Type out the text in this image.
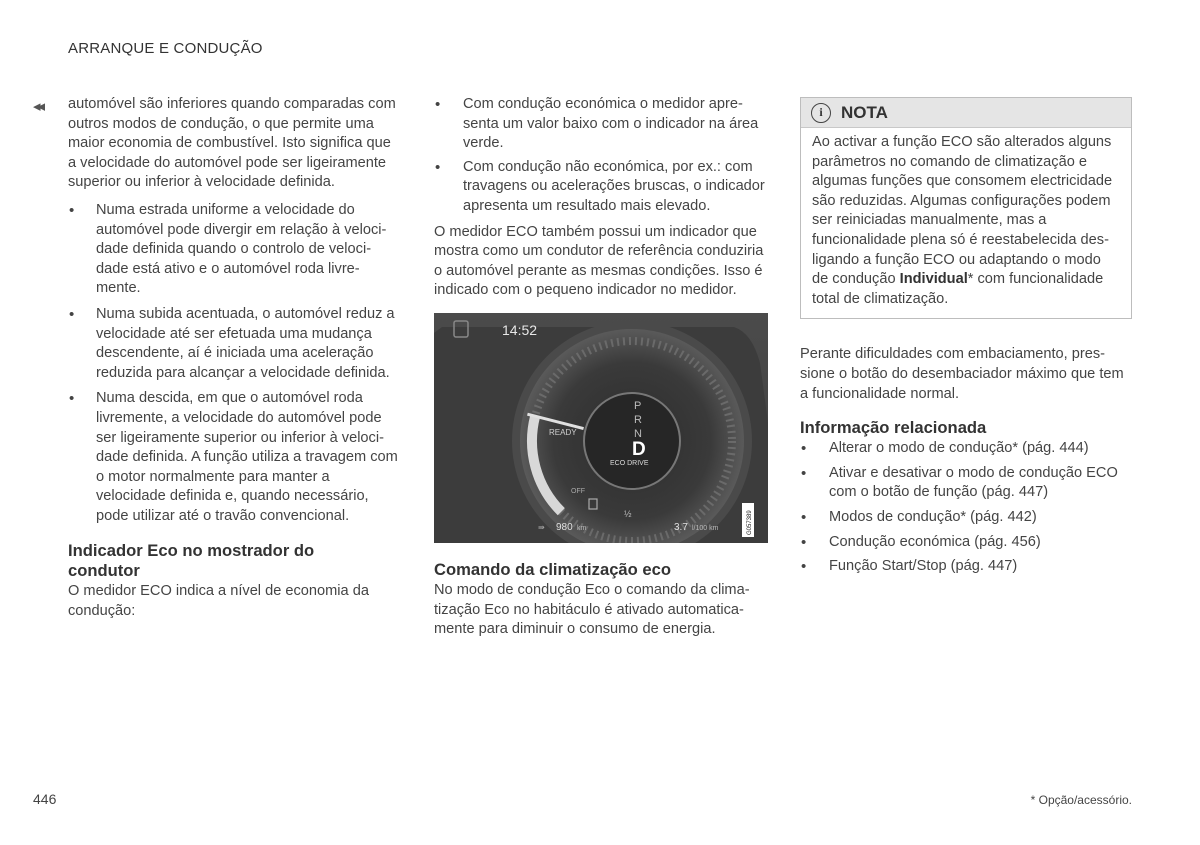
ARRANQUE E CONDUÇÃO
◂◂ automóvel são inferiores quando comparadas com outros modos de condução, o que permite uma maior economia de combustível. Isto significa que a velocidade do automóvel pode ser ligeiramente superior ou inferior à velocidade definida.

• Numa estrada uniforme a velocidade do automóvel pode divergir em relação à velocidade definida quando o controlo de velocidade está ativo e o automóvel roda livremente.
• Numa subida acentuada, o automóvel reduz a velocidade até ser efetuada uma mudança descendente, aí é iniciada uma aceleração reduzida para alcançar a velocidade definida.
• Numa descida, em que o automóvel roda livremente, a velocidade do automóvel pode ser ligeiramente superior ou inferior à velocidade definida. A função utiliza a travagem com o motor normalmente para manter a velocidade definida e, quando necessário, pode utilizar até o travão convencional.
Indicador Eco no mostrador do condutor

O medidor ECO indica a nível de economia da condução:

• Com condução económica o medidor apresenta um valor baixo com o indicador na área verde.
• Com condução não económica, por ex.: com travagens ou acelerações bruscas, o indicador apresenta um resultado mais elevado.

O medidor ECO também possui um indicador que mostra como um condutor de referência conduziria o automóvel perante as mesmas condições. Isso é indicado com o pequeno indicador no medidor.

14:52
READY
P
R
N
D
ECO DRIVE
OFF
½
⇛ 980 km	3.7 l/100 km	G057389
Comando da climatização eco

No modo de condução Eco o comando da climatização Eco no habitáculo é ativado automaticamente para diminuir o consumo de energia.

i	NOTA
Ao activar a função ECO são alterados alguns parâmetros no comando de climatização e algumas funções que consomem electricidade são reduzidas. Algumas configurações podem ser reiniciadas manualmente, mas a funcionalidade plena só é reestabelecida desligando a função ECO ou adaptando o modo de condução Individual* com funcionalidade total de climatização.

Perante dificuldades com embaciamento, pressione o botão do desembaciador máximo que tem a funcionalidade normal.

Informação relacionada
• Alterar o modo de condução* (pág. 444)
• Ativar e desativar o modo de condução ECO com o botão de função (pág. 447)
• Modos de condução* (pág. 442)
• Condução económica (pág. 456)
• Função Start/Stop (pág. 447)
446	* Opção/acessório.
